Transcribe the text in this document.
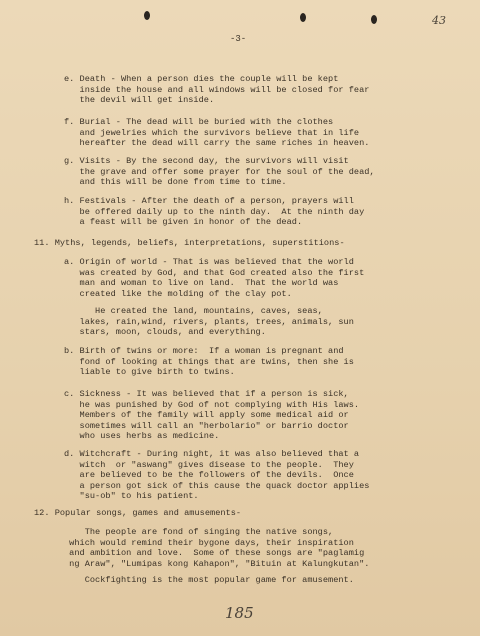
43
-3-
e. Death - When a person dies the couple will be kept
inside the house and all windows will be closed for fear
the devil will get inside.
f. Burial - The dead will be buried with the clothes
and jewelries which the survivors believe that in life
hereafter the dead will carry the same riches in heaven.
g. Visits - By the second day, the survivors will visit
the grave and offer some prayer for the soul of the dead,
and this will be done from time to time.
h. Festivals - After the death of a person, prayers will
be offered daily up to the ninth day.  At the ninth day
a feast will be given in honor of the dead.
11. Myths, legends, beliefs, interpretations, superstitions-
a. Origin of world - That is was believed that the world
was created by God, and that God created also the first
man and woman to live on land.  That the world was
created like the molding of the clay pot.
He created the land, mountains, caves, seas,
lakes, rain,wind, rivers, plants, trees, animals, sun
stars, moon, clouds, and everything.
b. Birth of twins or more:  If a woman is pregnant and
fond of looking at things that are twins, then she is
liable to give birth to twins.
c. Sickness - It was believed that if a person is sick,
he was punished by God of not complying with His laws.
Members of the family will apply some medical aid or
sometimes will call an "herbolario" or barrio doctor
who uses herbs as medicine.
d. Witchcraft - During night, it was also believed that a
witch  or "aswang" gives disease to the people.  They
are believed to be the followers of the devils.  Once
a person got sick of this cause the quack doctor applies
"su-ob" to his patient.
12. Popular songs, games and amusements-
The people are fond of singing the native songs,
which would remind their bygone days, their inspiration
and ambition and love.  Some of these songs are "paglamig
ng Araw", "Lumipas kong Kahapon", "Bituin at Kalungkutan".
Cockfighting is the most popular game for amusement.
185
